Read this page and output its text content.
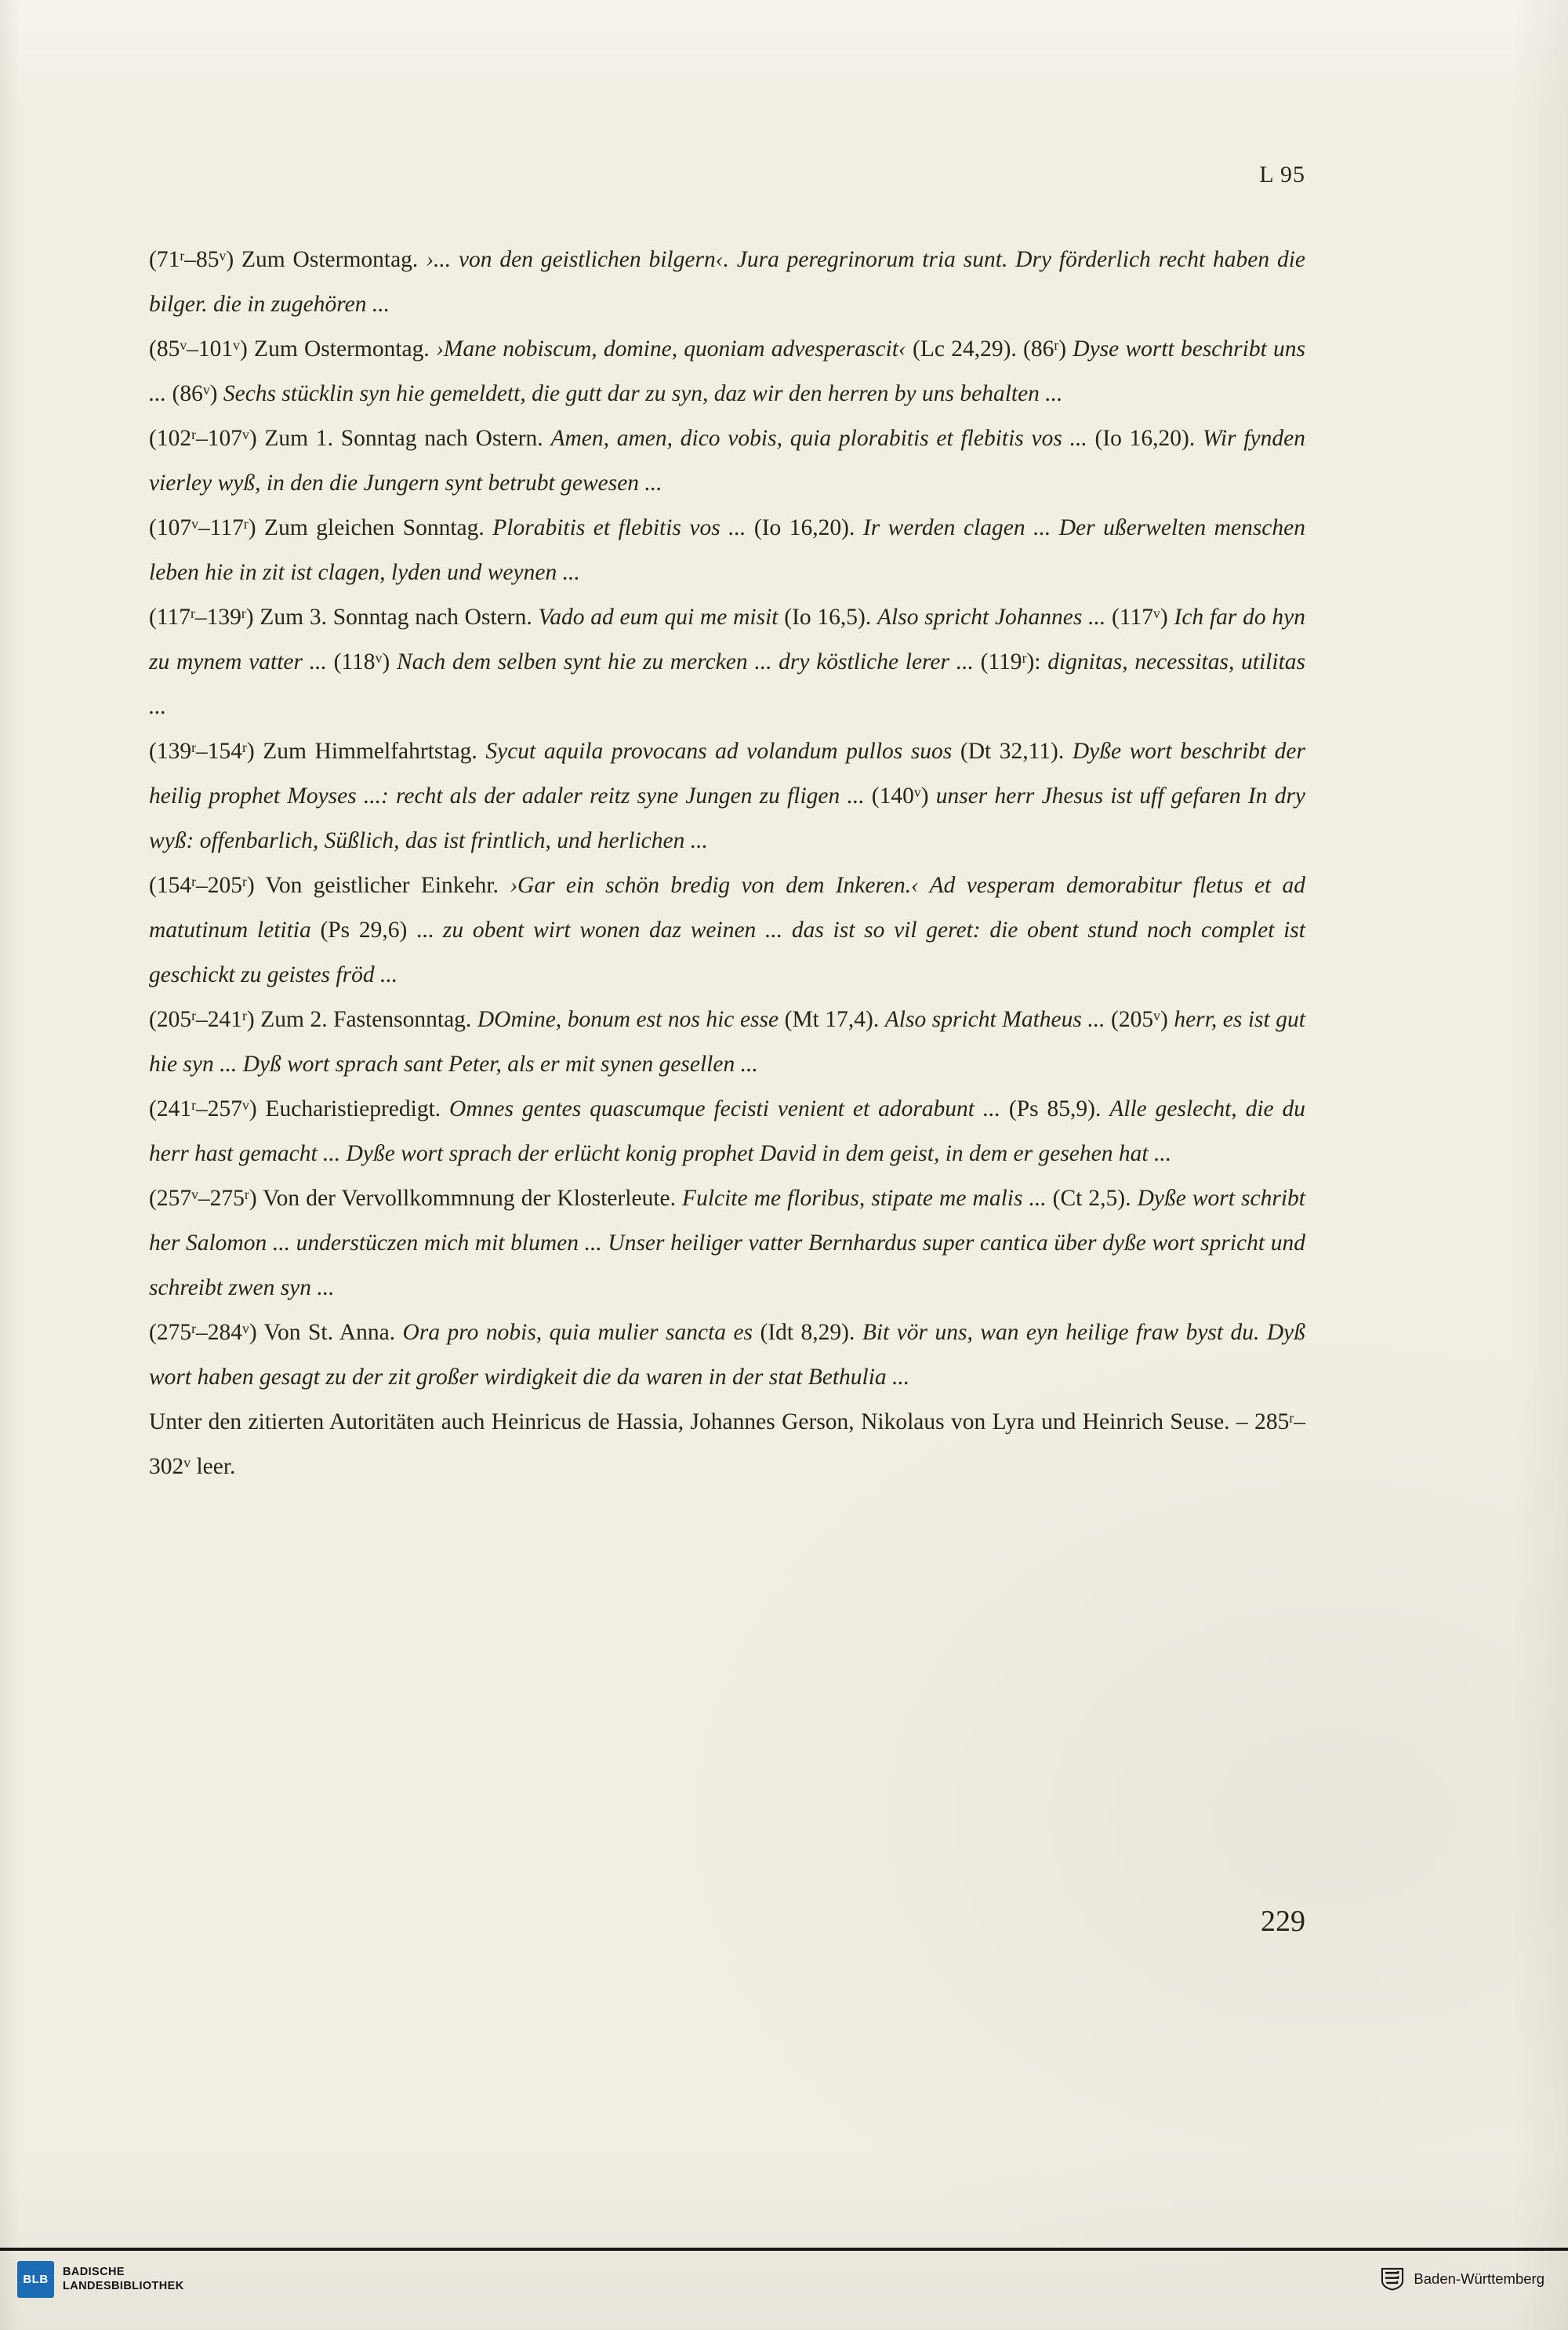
L 95

(71$^r$–85$^v$) Zum Ostermontag. ›... von den geistlichen bilgern‹. Jura peregrinorum tria sunt. Dry förderlich recht haben die bilger. die in zugehören ...

(85$^v$–101$^v$) Zum Ostermontag. ›Mane nobiscum, domine, quoniam advesperascit‹ (Lc 24,29). (86$^r$) Dyse wortt beschribt uns ... (86$^v$) Sechs stücklin syn hie gemeldett, die gutt dar zu syn, daz wir den herren by uns behalten ...

(102$^r$–107$^v$) Zum 1. Sonntag nach Ostern. Amen, amen, dico vobis, quia plorabitis et flebitis vos ... (Io 16,20). Wir fynden vierley wyß, in den die Jungern synt betrubt gewesen ...

(107$^v$–117$^r$) Zum gleichen Sonntag. Plorabitis et flebitis vos ... (Io 16,20). Ir werden clagen ... Der ußerwelten menschen leben hie in zit ist clagen, lyden und weynen ...

(117$^r$–139$^r$) Zum 3. Sonntag nach Ostern. Vado ad eum qui me misit (Io 16,5). Also spricht Johannes ... (117$^v$) Ich far do hyn zu mynem vatter ... (118$^v$) Nach dem selben synt hie zu mercken ... dry köstliche lerer ... (119$^r$): dignitas, necessitas, utilitas ...

(139$^r$–154$^r$) Zum Himmelfahrtstag. Sycut aquila provocans ad volandum pullos suos (Dt 32,11). Dyße wort beschribt der heilig prophet Moyses ...: recht als der adaler reitz syne Jungen zu fligen ... (140$^v$) unser herr Jhesus ist uff gefaren In dry wyß: offenbarlich, Süßlich, das ist frintlich, und herlichen ...

(154$^r$–205$^r$) Von geistlicher Einkehr. ›Gar ein schön bredig von dem Inkeren.‹ Ad vesperam demorabitur fletus et ad matutinum letitia (Ps 29,6) ... zu obent wirt wonen daz weinen ... das ist so vil geret: die obent stund noch complet ist geschickt zu geistes fröd ...

(205$^r$–241$^r$) Zum 2. Fastensonntag. DOmine, bonum est nos hic esse (Mt 17,4). Also spricht Matheus ... (205$^v$) herr, es ist gut hie syn ... Dyß wort sprach sant Peter, als er mit synen gesellen ...

(241$^r$–257$^v$) Eucharistiepredigt. Omnes gentes quascumque fecisti venient et adorabunt ... (Ps 85,9). Alle geslecht, die du herr hast gemacht ... Dyße wort sprach der erlücht konig prophet David in dem geist, in dem er gesehen hat ...

(257$^v$–275$^r$) Von der Vervollkommnung der Klosterleute. Fulcite me floribus, stipate me malis ... (Ct 2,5). Dyße wort schribt her Salomon ... understüczen mich mit blumen ... Unser heiliger vatter Bernhardus super cantica über dyße wort spricht und schreibt zwen syn ...

(275$^r$–284$^v$) Von St. Anna. Ora pro nobis, quia mulier sancta es (Idt 8,29). Bit vör uns, wan eyn heilige fraw byst du. Dyß wort haben gesagt zu der zit großer wirdigkeit die da waren in der stat Bethulia ...

Unter den zitierten Autoritäten auch Heinricus de Hassia, Johannes Gerson, Nikolaus von Lyra und Heinrich Seuse. – 285$^r$–302$^v$ leer.

229
BLB
BADISCHE
LANDESBIBLIOTHEK	Baden-Württemberg
